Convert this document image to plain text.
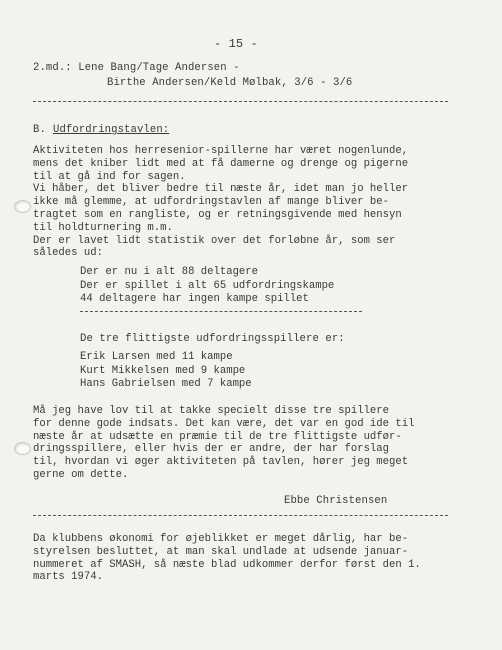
- 15 -
2.md.: Lene Bang/Tage Andersen -
Birthe Andersen/Keld Mølbak, 3/6 - 3/6
B. Udfordringstavlen:
Aktiviteten hos herresenior-spillerne har været nogenlunde,
mens det kniber lidt med at få damerne og drenge og pigerne
til at gå ind for sagen.
Vi håber, det bliver bedre til næste år, idet man jo heller
ikke må glemme, at udfordringstavlen af mange bliver be-
tragtet som en rangliste, og er retningsgivende med hensyn
til holdturnering m.m.
Der er lavet lidt statistik over det forløbne år, som ser
således ud:
Der er nu i alt 88 deltagere
Der er spillet i alt 65 udfordringskampe
44 deltagere har ingen kampe spillet
De tre flittigste udfordringsspillere er:
Erik Larsen med 11 kampe
Kurt Mikkelsen med 9 kampe
Hans Gabrielsen med 7 kampe
Må jeg have lov til at takke specielt disse tre spillere
for denne gode indsats. Det kan være, det var en god ide til
næste år at udsætte en præmie til de tre flittigste udfør-
dringsspillere, eller hvis der er andre, der har forslag
til, hvordan vi øger aktiviteten på tavlen, hører jeg meget
gerne om dette.
Ebbe Christensen
Da klubbens økonomi for øjeblikket er meget dårlig, har be-
styrelsen besluttet, at man skal undlade at udsende januar-
nummeret af SMASH, så næste blad udkommer derfor først den 1.
marts 1974.
